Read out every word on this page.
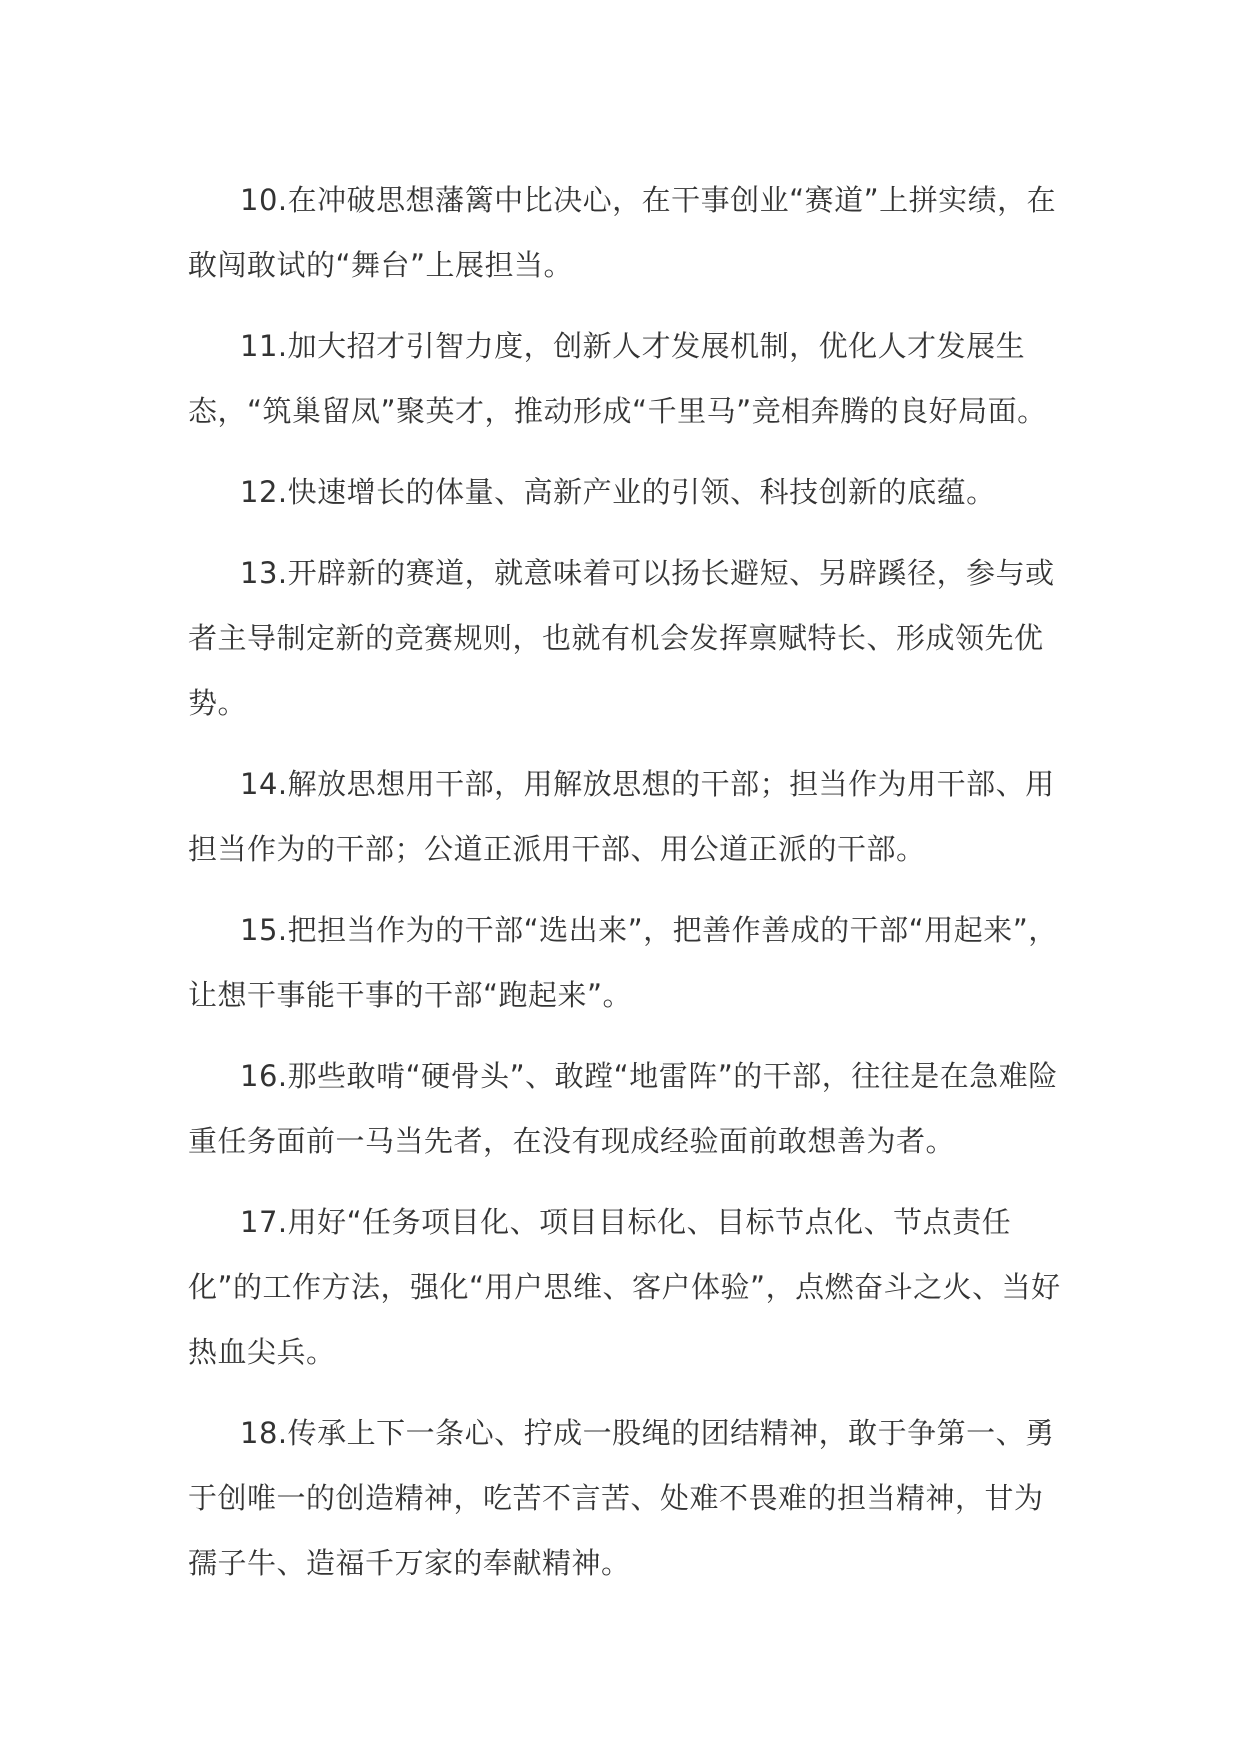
10.在冲破思想藩篱中比决心，在干事创业“赛道”上拼实绩，在敢闯敢试的“舞台”上展担当。

11.加大招才引智力度，创新人才发展机制，优化人才发展生态，“筑巢留凤”聚英才，推动形成“千里马”竞相奔腾的良好局面。

12.快速增长的体量、高新产业的引领、科技创新的底蕴。

13.开辟新的赛道，就意味着可以扬长避短、另辟蹊径，参与或者主导制定新的竞赛规则，也就有机会发挥禀赋特长、形成领先优势。

14.解放思想用干部，用解放思想的干部；担当作为用干部、用担当作为的干部；公道正派用干部、用公道正派的干部。

15.把担当作为的干部“选出来”，把善作善成的干部“用起来”，让想干事能干事的干部“跑起来”。

16.那些敢啃“硬骨头”、敢蹚“地雷阵”的干部，往往是在急难险重任务面前一马当先者，在没有现成经验面前敢想善为者。

17.用好“任务项目化、项目目标化、目标节点化、节点责任化”的工作方法，强化“用户思维、客户体验”，点燃奋斗之火、当好热血尖兵。

18.传承上下一条心、拧成一股绳的团结精神，敢于争第一、勇于创唯一的创造精神，吃苦不言苦、处难不畏难的担当精神，甘为孺子牛、造福千万家的奉献精神。
